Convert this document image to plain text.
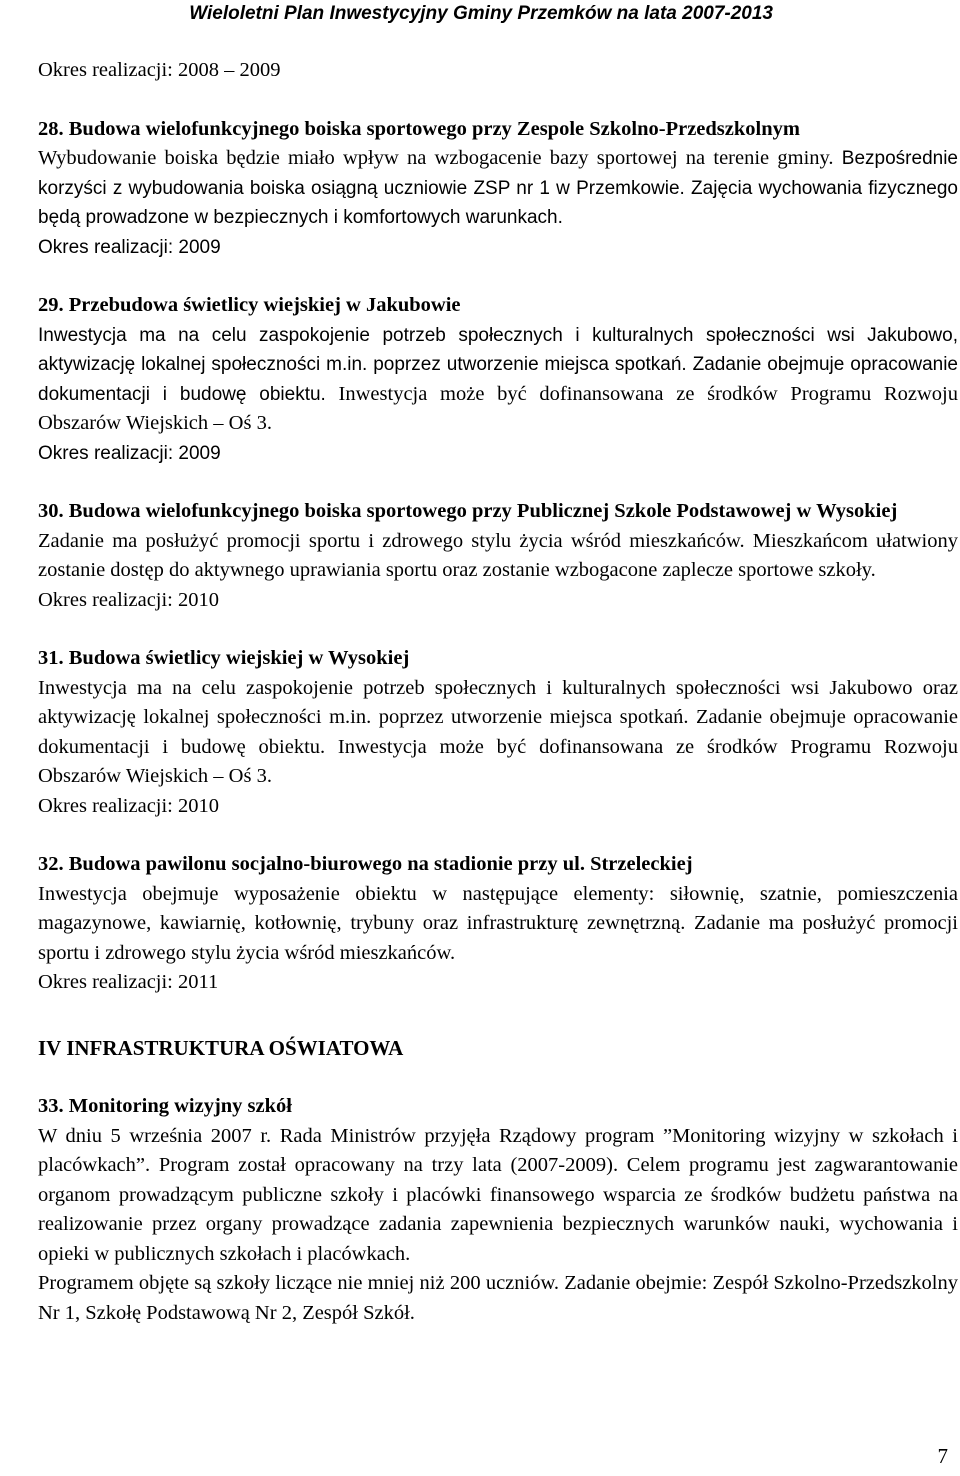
Wieloletni Plan Inwestycyjny Gminy Przemków na lata 2007-2013

Okres realizacji: 2008 – 2009

28. Budowa wielofunkcyjnego boiska sportowego przy Zespole Szkolno-Przedszkolnym

Wybudowanie boiska będzie miało wpływ na wzbogacenie bazy sportowej na terenie gminy. Bezpośrednie korzyści z wybudowania boiska osiągną uczniowie ZSP nr 1 w Przemkowie. Zajęcia wychowania fizycznego będą prowadzone w bezpiecznych i komfortowych warunkach.

Okres realizacji: 2009

29. Przebudowa świetlicy wiejskiej w Jakubowie

Inwestycja ma na celu zaspokojenie potrzeb społecznych i kulturalnych społeczności wsi Jakubowo, aktywizację lokalnej społeczności m.in. poprzez utworzenie miejsca spotkań. Zadanie obejmuje opracowanie dokumentacji i budowę obiektu. Inwestycja może być dofinansowana ze środków Programu Rozwoju Obszarów Wiejskich – Oś 3.

Okres realizacji: 2009

30. Budowa wielofunkcyjnego boiska sportowego przy Publicznej Szkole Podstawowej w Wysokiej

Zadanie ma posłużyć promocji sportu i zdrowego stylu życia wśród mieszkańców. Mieszkańcom ułatwiony zostanie dostęp do aktywnego uprawiania sportu oraz zostanie wzbogacone zaplecze sportowe szkoły.

Okres realizacji: 2010

31. Budowa świetlicy wiejskiej w Wysokiej

Inwestycja ma na celu zaspokojenie potrzeb społecznych i kulturalnych społeczności wsi Jakubowo oraz aktywizację lokalnej społeczności m.in. poprzez utworzenie miejsca spotkań. Zadanie obejmuje opracowanie dokumentacji i budowę obiektu. Inwestycja może być dofinansowana ze środków Programu Rozwoju Obszarów Wiejskich – Oś 3.

Okres realizacji: 2010

32. Budowa pawilonu socjalno-biurowego na stadionie przy ul. Strzeleckiej

Inwestycja obejmuje wyposażenie obiektu w następujące elementy: siłownię, szatnie, pomieszczenia magazynowe, kawiarnię, kotłownię, trybuny oraz infrastrukturę zewnętrzną. Zadanie ma posłużyć promocji sportu i zdrowego stylu życia wśród mieszkańców.

Okres realizacji: 2011

IV INFRASTRUKTURA OŚWIATOWA

33. Monitoring wizyjny szkół

W dniu 5 września 2007 r. Rada Ministrów przyjęła Rządowy program ”Monitoring wizyjny w szkołach i placówkach”. Program został opracowany na trzy lata (2007-2009). Celem programu jest zagwarantowanie organom prowadzącym publiczne szkoły i placówki finansowego wsparcia ze środków budżetu państwa na realizowanie przez organy prowadzące zadania zapewnienia bezpiecznych warunków nauki, wychowania i opieki w publicznych szkołach i placówkach.

Programem objęte są szkoły liczące nie mniej niż 200 uczniów. Zadanie obejmie: Zespół Szkolno-Przedszkolny Nr 1, Szkołę Podstawową Nr 2, Zespół Szkół.

7
